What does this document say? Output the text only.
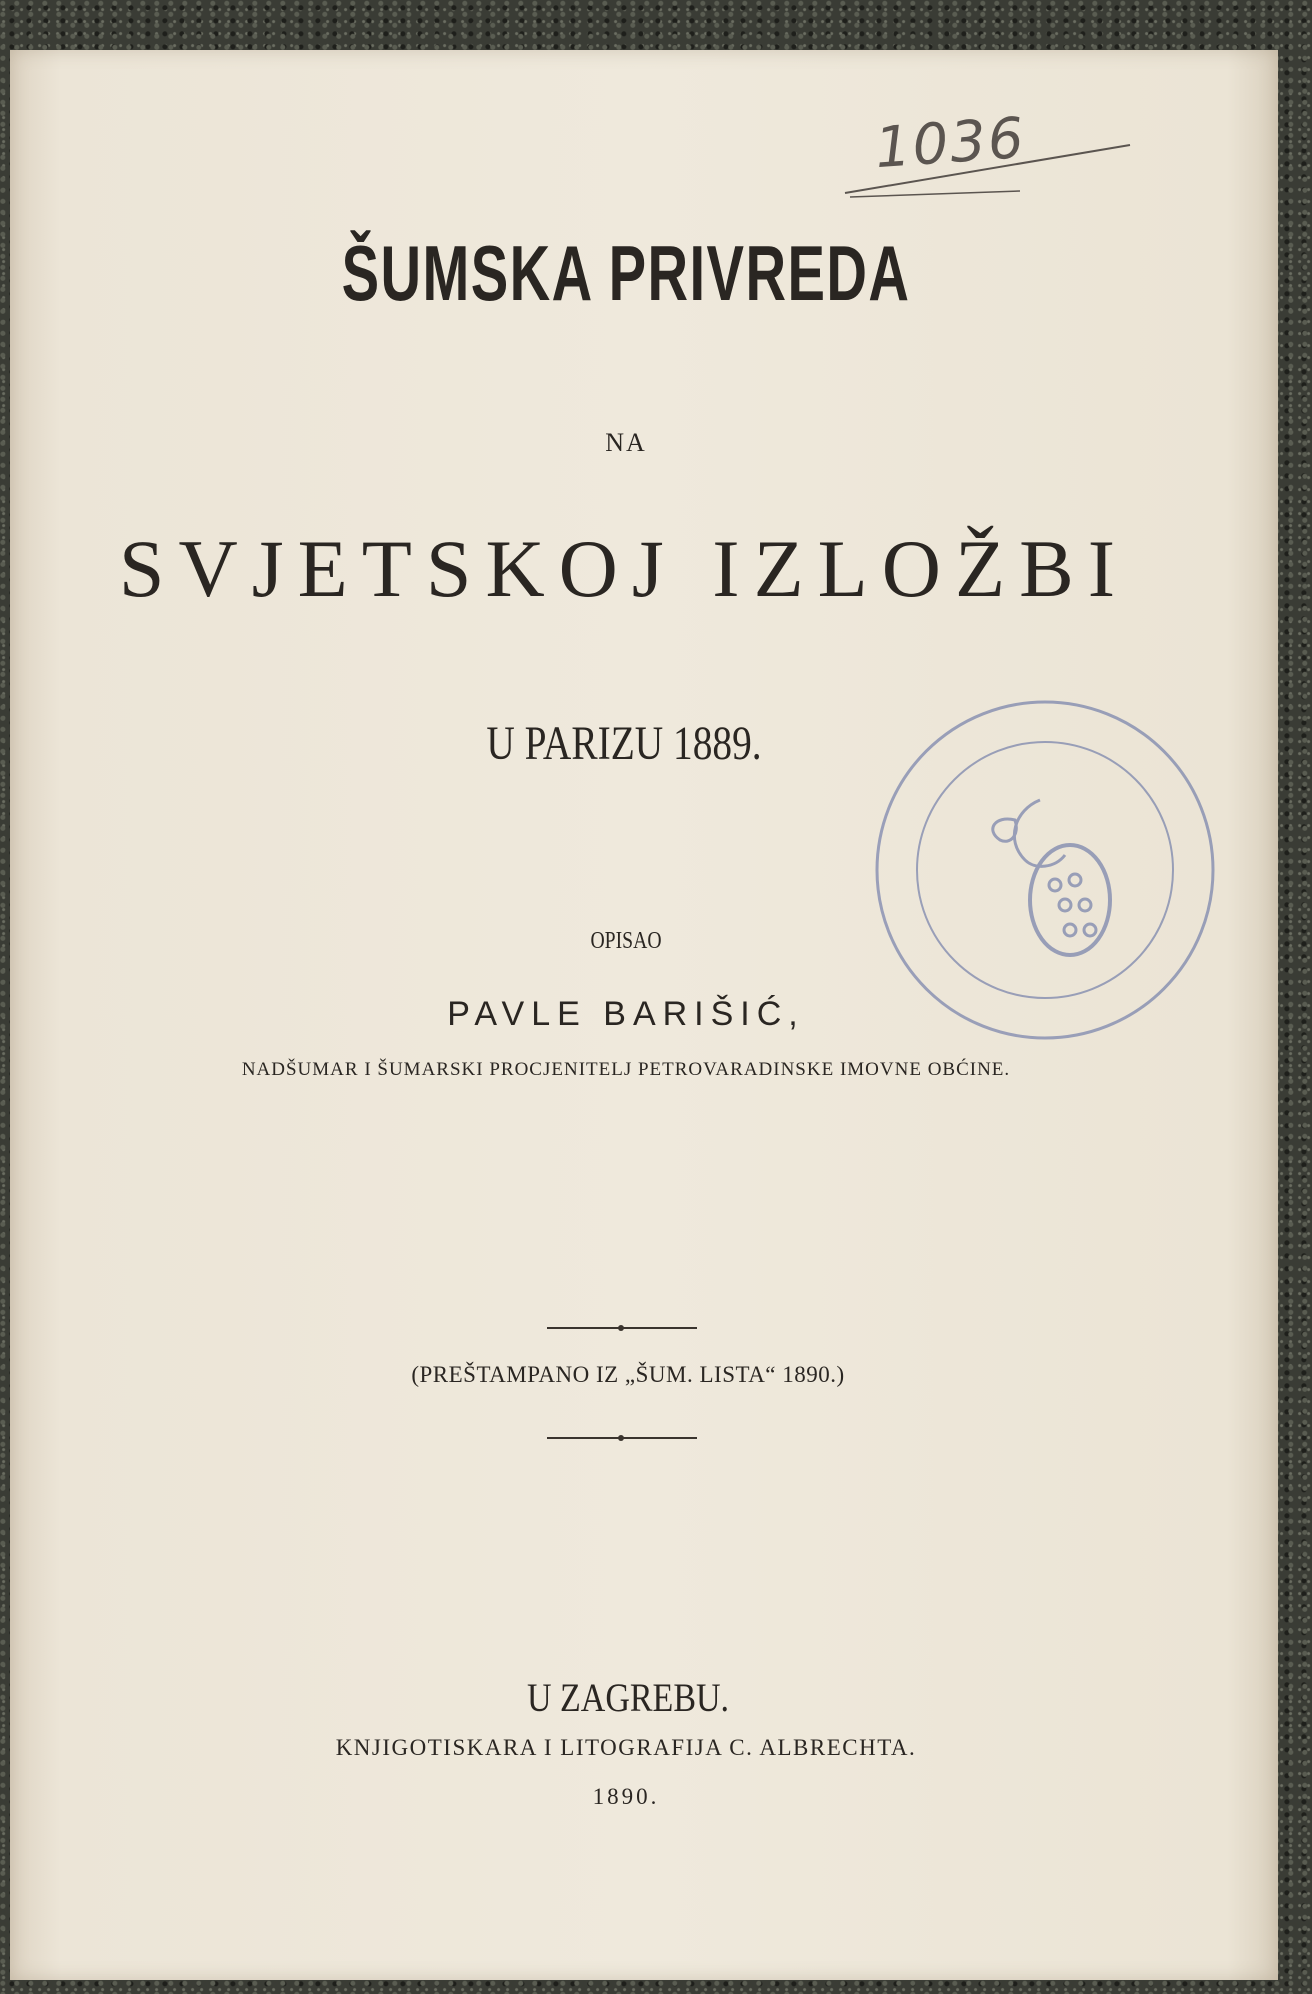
1036
ŠUMSKA PRIVREDA
NA
SVJETSKOJ IZLOŽBI
U PARIZU 1889.
OPISAO
PAVLE BARIŠIĆ,
NADŠUMAR I ŠUMARSKI PROCJENITELJ PETROVARADINSKE IMOVNE OBĆINE.
(PREŠTAMPANO IZ „ŠUM. LISTA“ 1890.)
U ZAGREBU.
KNJIGOTISKARA I LITOGRAFIJA C. ALBRECHTA.
1890.
